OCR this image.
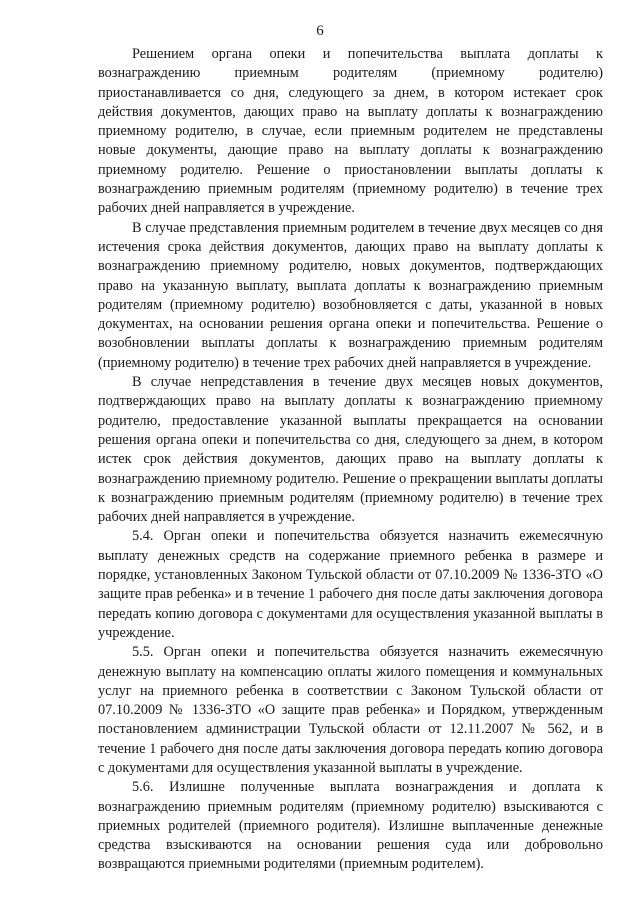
6

Решением органа опеки и попечительства выплата доплаты к вознаграждению приемным родителям (приемному родителю) приостанавливается со дня, следующего за днем, в котором истекает срок действия документов, дающих право на выплату доплаты к вознаграждению приемному родителю, в случае, если приемным родителем не представлены новые документы, дающие право на выплату доплаты к вознаграждению приемному родителю. Решение о приостановлении выплаты доплаты к вознаграждению приемным родителям (приемному родителю) в течение трех рабочих дней направляется в учреждение.

В случае представления приемным родителем в течение двух месяцев со дня истечения срока действия документов, дающих право на выплату доплаты к вознаграждению приемному родителю, новых документов, подтверждающих право на указанную выплату, выплата доплаты к вознаграждению приемным родителям (приемному родителю) возобновляется с даты, указанной в новых документах, на основании решения органа опеки и попечительства. Решение о возобновлении выплаты доплаты к вознаграждению приемным родителям (приемному родителю) в течение трех рабочих дней направляется в учреждение.

В случае непредставления в течение двух месяцев новых документов, подтверждающих право на выплату доплаты к вознаграждению приемному родителю, предоставление указанной выплаты прекращается на основании решения органа опеки и попечительства со дня, следующего за днем, в котором истек срок действия документов, дающих право на выплату доплаты к вознаграждению приемному родителю. Решение о прекращении выплаты доплаты к вознаграждению приемным родителям (приемному родителю) в течение трех рабочих дней направляется в учреждение.

5.4. Орган опеки и попечительства обязуется назначить ежемесячную выплату денежных средств на содержание приемного ребенка в размере и порядке, установленных Законом Тульской области от 07.10.2009 № 1336-ЗТО «О защите прав ребенка» и в течение 1 рабочего дня после даты заключения договора передать копию договора с документами для осуществления указанной выплаты в учреждение.

5.5. Орган опеки и попечительства обязуется назначить ежемесячную денежную выплату на компенсацию оплаты жилого помещения и коммунальных услуг на приемного ребенка в соответствии с Законом Тульской области от 07.10.2009 № 1336-ЗТО «О защите прав ребенка» и Порядком, утвержденным постановлением администрации Тульской области от 12.11.2007 № 562, и в течение 1 рабочего дня после даты заключения договора передать копию договора с документами для осуществления указанной выплаты в учреждение.

5.6. Излишне полученные выплата вознаграждения и доплата к вознаграждению приемным родителям (приемному родителю) взыскиваются с приемных родителей (приемного родителя). Излишне выплаченные денежные средства взыскиваются на основании решения суда или добровольно возвращаются приемными родителями (приемным родителем).
